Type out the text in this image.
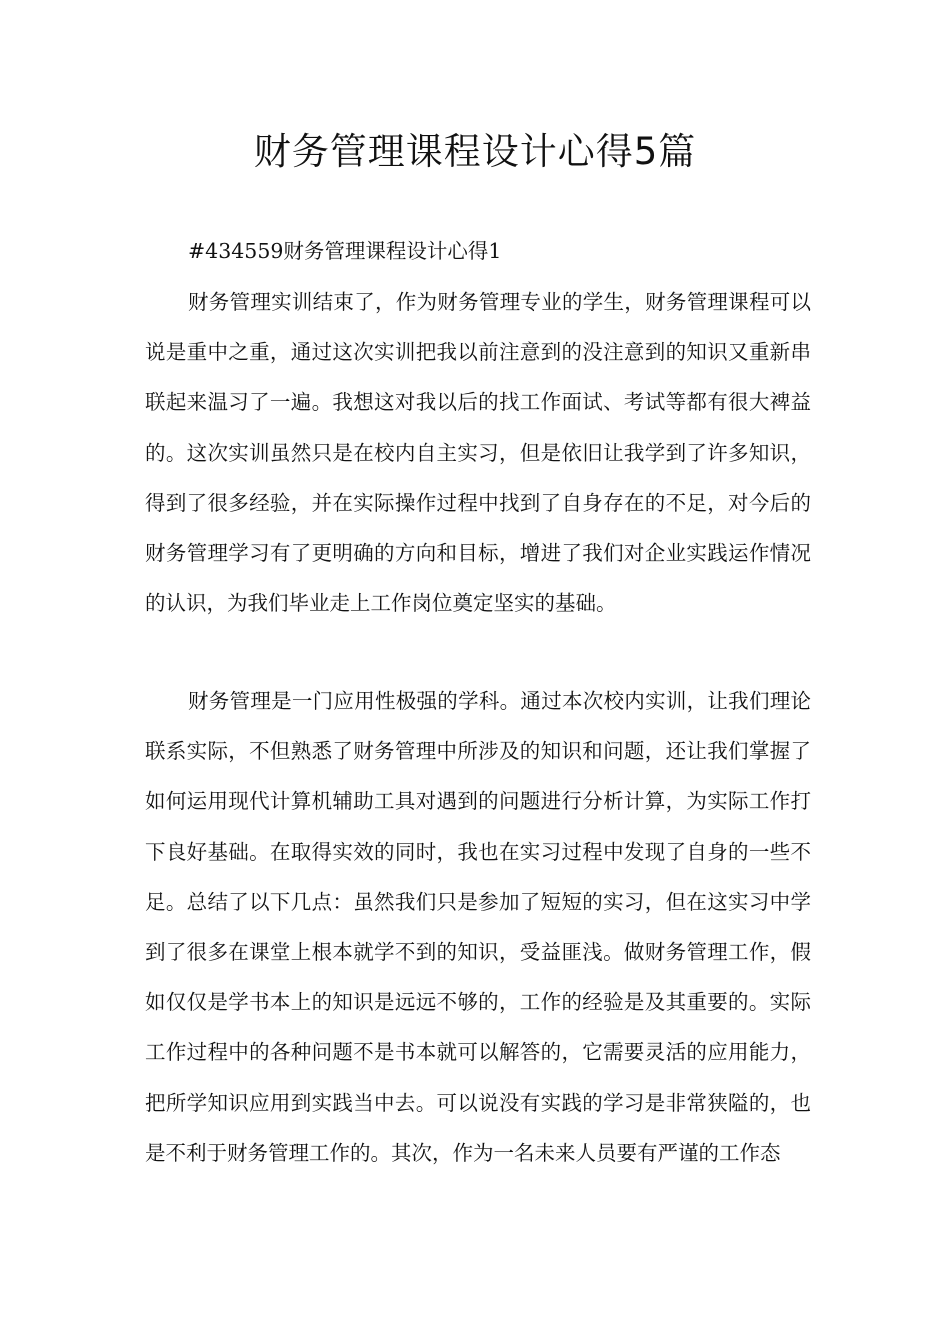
财务管理课程设计心得5篇
#434559财务管理课程设计心得1

财务管理实训结束了，作为财务管理专业的学生，财务管理课程可以说是重中之重，通过这次实训把我以前注意到的没注意到的知识又重新串联起来温习了一遍。我想这对我以后的找工作面试、考试等都有很大裨益的。这次实训虽然只是在校内自主实习，但是依旧让我学到了许多知识，得到了很多经验，并在实际操作过程中找到了自身存在的不足，对今后的财务管理学习有了更明确的方向和目标，增进了我们对企业实践运作情况的认识，为我们毕业走上工作岗位奠定坚实的基础。

财务管理是一门应用性极强的学科。通过本次校内实训，让我们理论联系实际，不但熟悉了财务管理中所涉及的知识和问题，还让我们掌握了如何运用现代计算机辅助工具对遇到的问题进行分析计算，为实际工作打下良好基础。在取得实效的同时，我也在实习过程中发现了自身的一些不足。总结了以下几点：虽然我们只是参加了短短的实习，但在这实习中学到了很多在课堂上根本就学不到的知识，受益匪浅。做财务管理工作，假如仅仅是学书本上的知识是远远不够的，工作的经验是及其重要的。实际工作过程中的各种问题不是书本就可以解答的，它需要灵活的应用能力，把所学知识应用到实践当中去。可以说没有实践的学习是非常狭隘的，也是不利于财务管理工作的。其次，作为一名未来人员要有严谨的工作态
